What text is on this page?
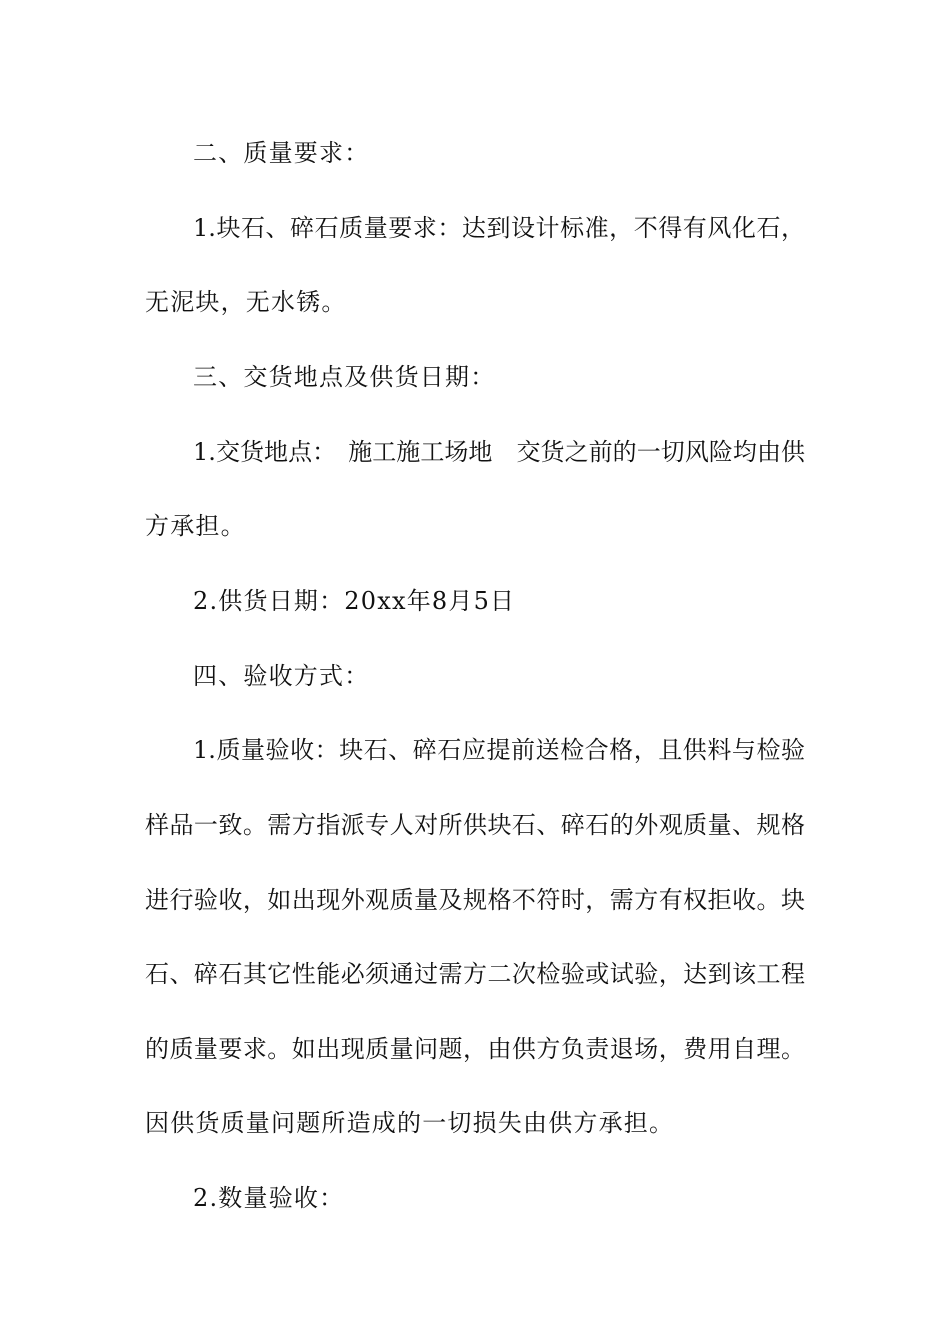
二、质量要求：
1.块石、碎石质量要求：达到设计标准，不得有风化石，
无泥块，无水锈。
三、交货地点及供货日期：
1.交货地点：　施工施工场地　交货之前的一切风险均由供
方承担。
2.供货日期：20xx年8月5日
四、验收方式：
1.质量验收：块石、碎石应提前送检合格，且供料与检验
样品一致。需方指派专人对所供块石、碎石的外观质量、规格
进行验收，如出现外观质量及规格不符时，需方有权拒收。块
石、碎石其它性能必须通过需方二次检验或试验，达到该工程
的质量要求。如出现质量问题，由供方负责退场，费用自理。
因供货质量问题所造成的一切损失由供方承担。
2.数量验收：
